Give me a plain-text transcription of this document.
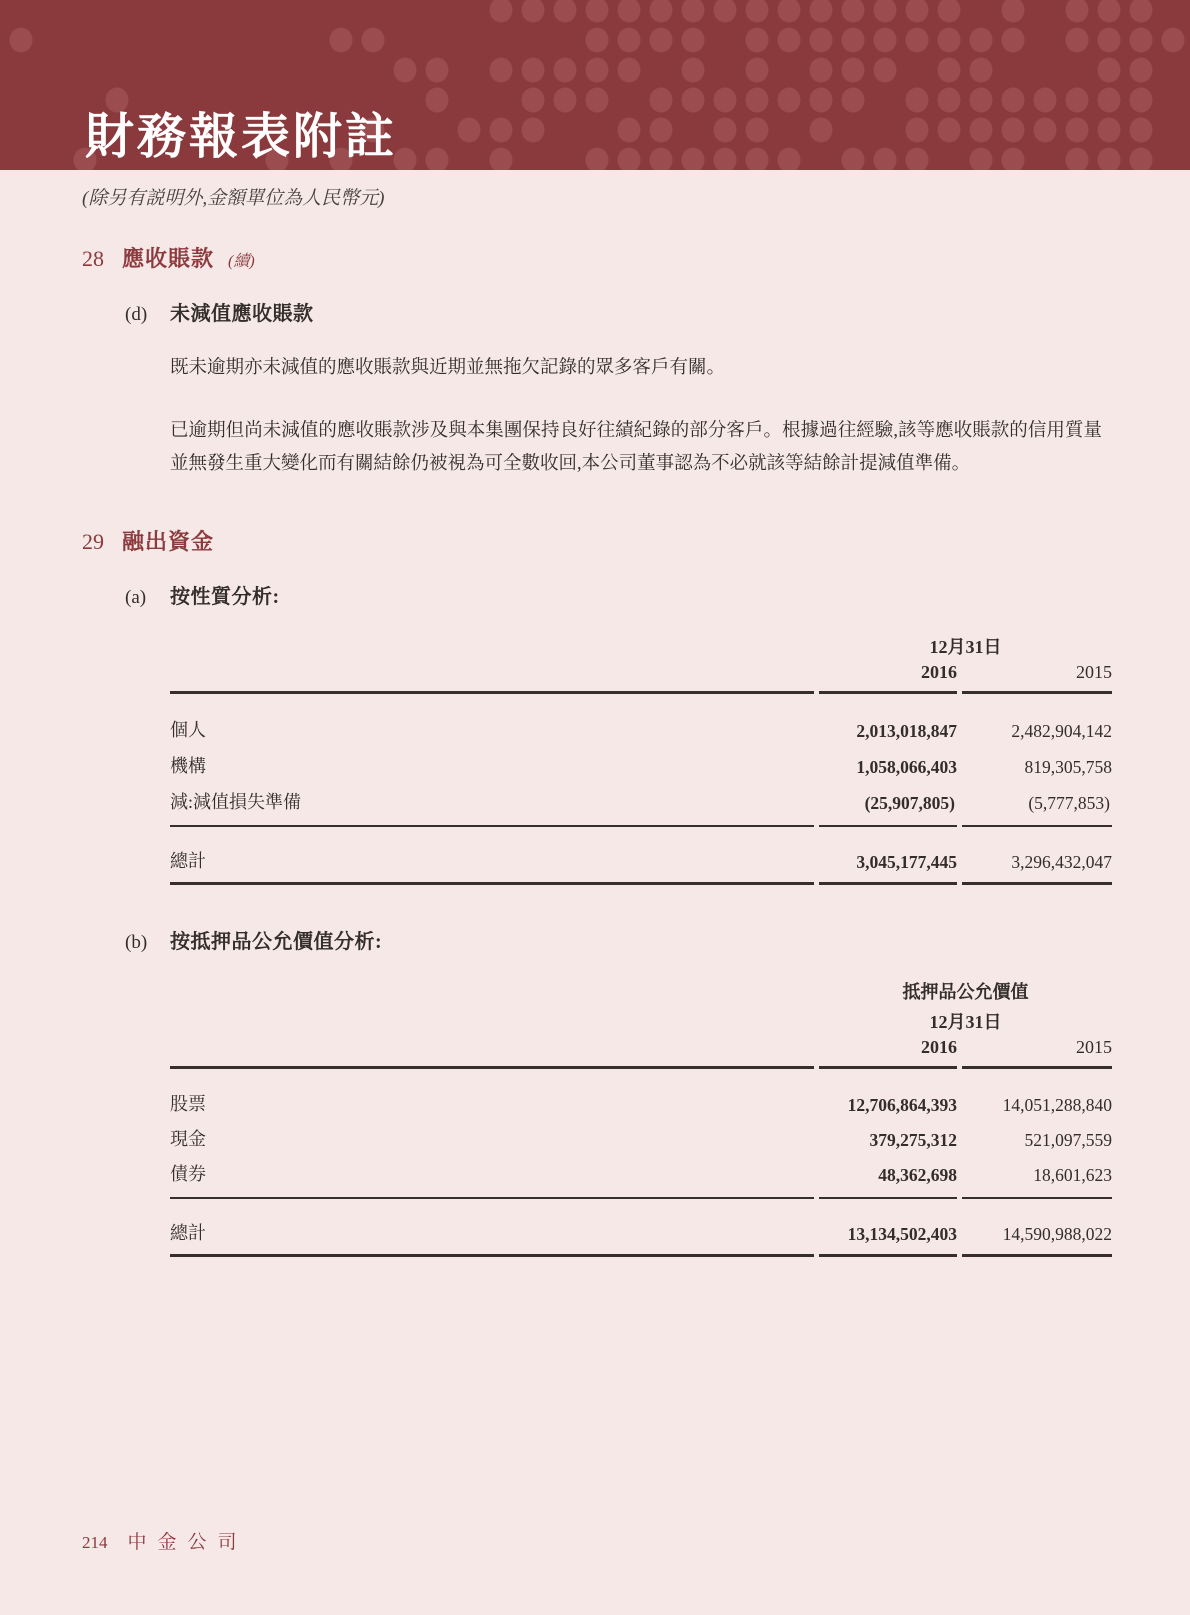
財務報表附註

(除另有説明外,金額單位為人民幣元)

28 應收賬款 (續)
(d)	未減值應收賬款

既未逾期亦未減值的應收賬款與近期並無拖欠記錄的眾多客戶有關。

已逾期但尚未減值的應收賬款涉及與本集團保持良好往績紀錄的部分客戶。根據過往經驗,該等應收賬款的信用質量並無發生重大變化而有關結餘仍被視為可全數收回,本公司董事認為不必就該等結餘計提減值準備。

29 融出資金
(a)	按性質分析:
	12月31日	
	2016	2015

個人	2,013,018,847	2,482,904,142
機構	1,058,066,403	819,305,758
減:減值損失準備	(25,907,805)	(5,777,853)

總計	3,045,177,445	3,296,432,047
(b)	按抵押品公允價值分析:
	抵押品公允價值	
	12月31日	
	2016	2015

股票	12,706,864,393	14,051,288,840
現金	379,275,312	521,097,559
債券	48,362,698	18,601,623

總計	13,134,502,403	14,590,988,022
214 中金公司
